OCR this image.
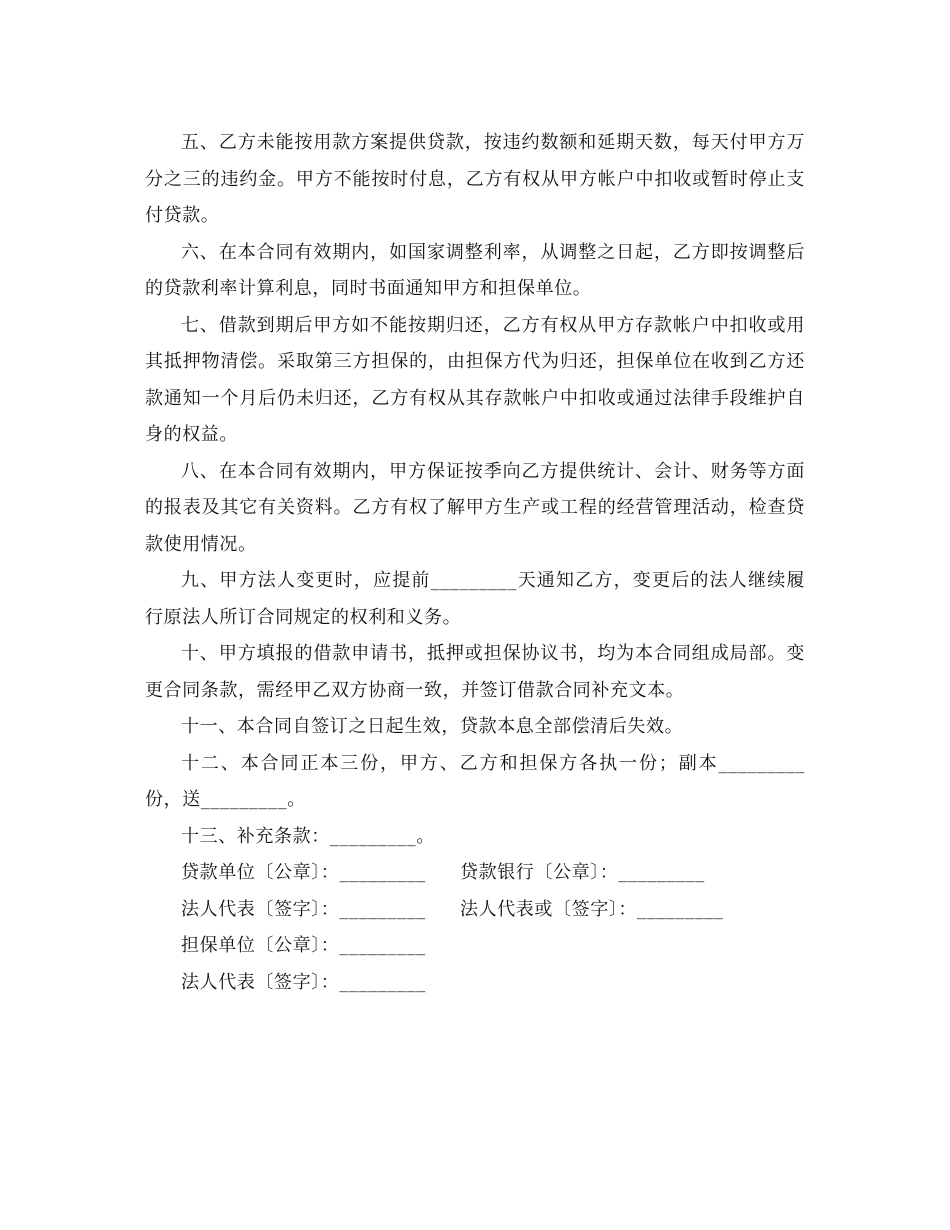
五、乙方未能按用款方案提供贷款，按违约数额和延期天数，每天付甲方万分之三的违约金。甲方不能按时付息，乙方有权从甲方帐户中扣收或暂时停止支付贷款。

六、在本合同有效期内，如国家调整利率，从调整之日起，乙方即按调整后的贷款利率计算利息，同时书面通知甲方和担保单位。

七、借款到期后甲方如不能按期归还，乙方有权从甲方存款帐户中扣收或用其抵押物清偿。采取第三方担保的，由担保方代为归还，担保单位在收到乙方还款通知一个月后仍未归还，乙方有权从其存款帐户中扣收或通过法律手段维护自身的权益。

八、在本合同有效期内，甲方保证按季向乙方提供统计、会计、财务等方面的报表及其它有关资料。乙方有权了解甲方生产或工程的经营管理活动，检查贷款使用情况。

九、甲方法人变更时，应提前_________天通知乙方，变更后的法人继续履行原法人所订合同规定的权利和义务。

十、甲方填报的借款申请书，抵押或担保协议书，均为本合同组成局部。变更合同条款，需经甲乙双方协商一致，并签订借款合同补充文本。

十一、本合同自签订之日起生效，贷款本息全部偿清后失效。

十二、本合同正本三份，甲方、乙方和担保方各执一份；副本_________份，送_________。

十三、补充条款：_________。

贷款单位〔公章〕：_________ 贷款银行〔公章〕：_________
法人代表〔签字〕：_________ 法人代表或〔签字〕：_________
担保单位〔公章〕：_________
法人代表〔签字〕：_________
